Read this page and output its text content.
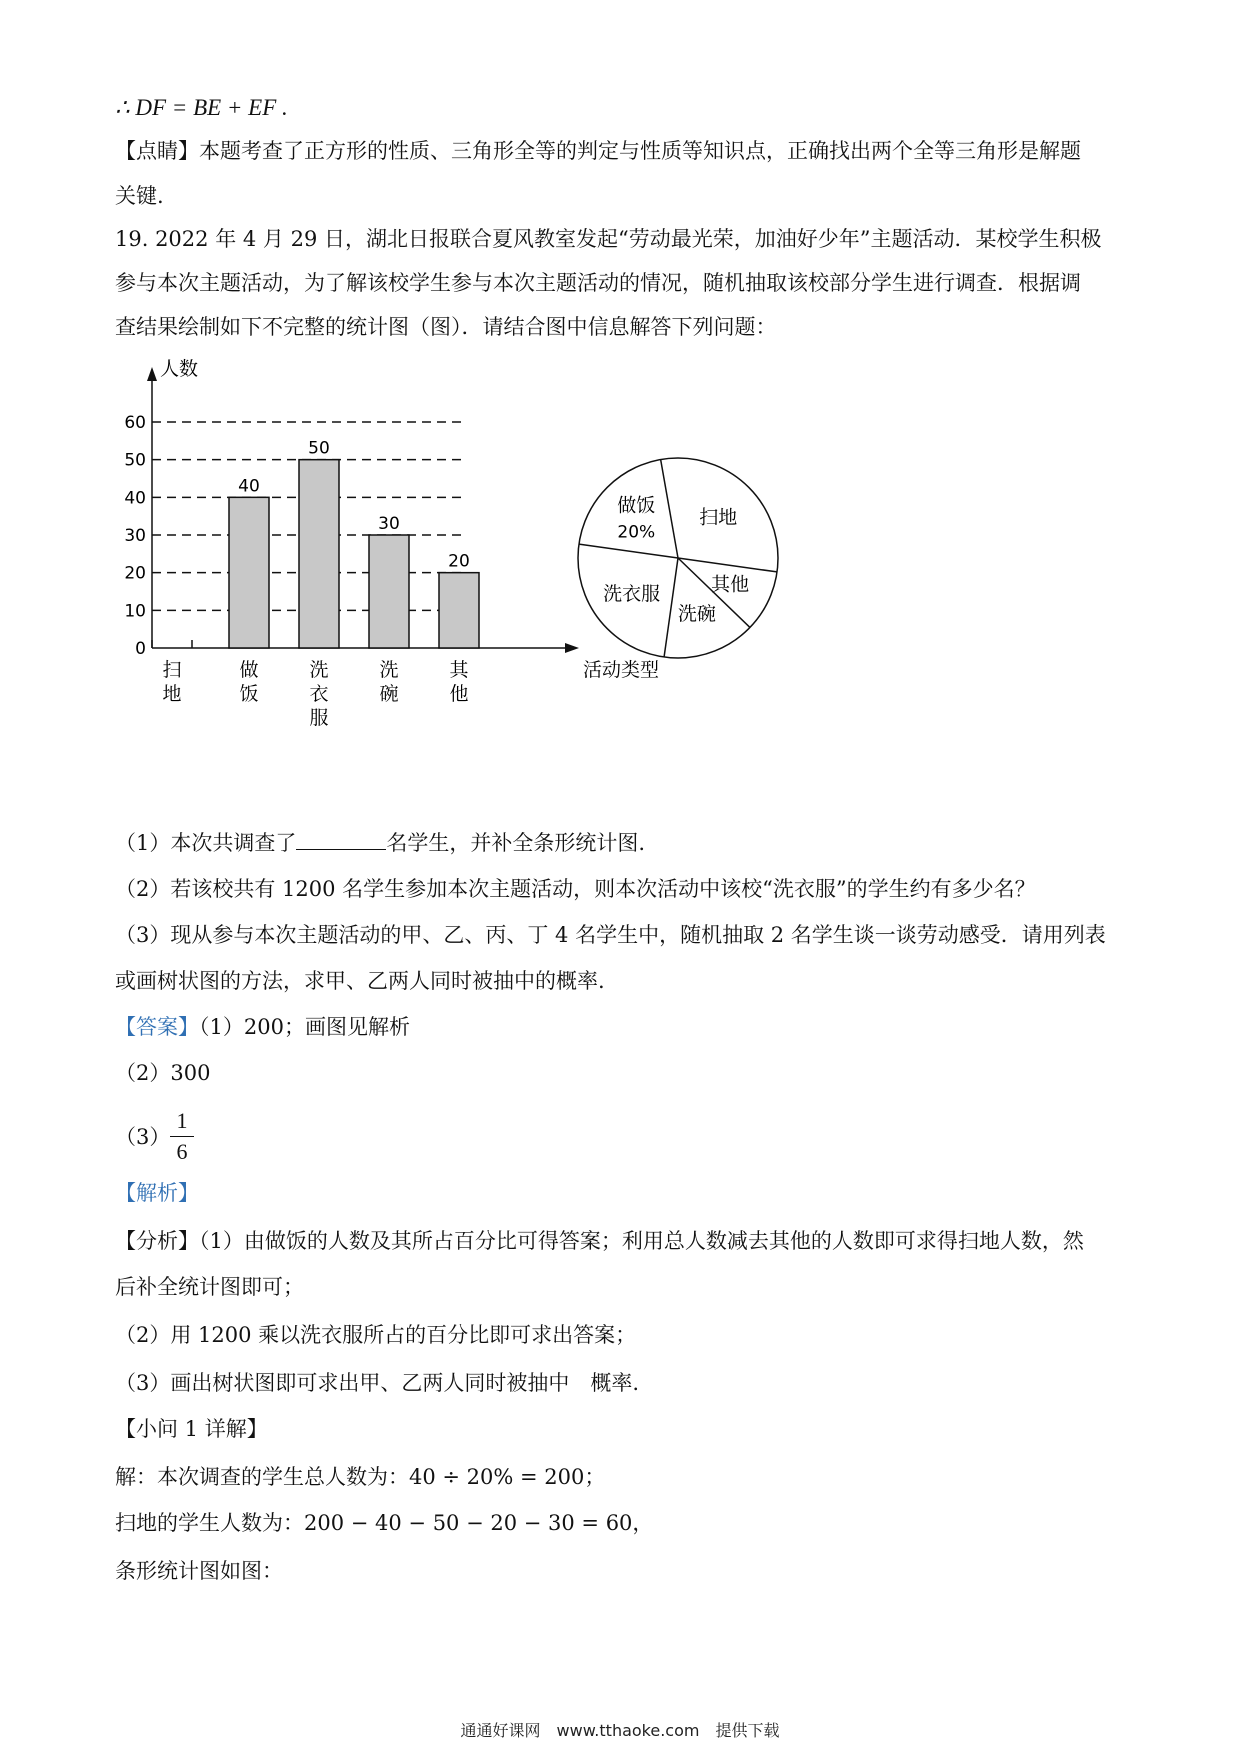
∴ DF = BE + EF .
【点睛】本题考查了正方形的性质、三角形全等的判定与性质等知识点，正确找出两个全等三角形是解题
关键.
19. 2022 年 4 月 29 日，湖北日报联合夏风教室发起“劳动最光荣，加油好少年”主题活动．某校学生积极
参与本次主题活动，为了解该校学生参与本次主题活动的情况，随机抽取该校部分学生进行调查．根据调
查结果绘制如下不完整的统计图（图）．请结合图中信息解答下列问题：
0
10
20
30
40
50
60
人数
活动类型
扫地
40
做饭
50
洗衣服
30
洗碗
20
其他
做饭
20%
扫地
其他
洗碗
洗衣服
（1）本次共调查了	名学生，并补全条形统计图.
（2）若该校共有 1200 名学生参加本次主题活动，则本次活动中该校“洗衣服”的学生约有多少名？
（3）现从参与本次主题活动的甲、乙、丙、丁 4 名学生中，随机抽取 2 名学生谈一谈劳动感受．请用列表
或画树状图的方法，求甲、乙两人同时被抽中的概率.
【答案】（1）200；画图见解析
（2）300
（3）
1
6
【解析】
【分析】（1）由做饭的人数及其所占百分比可得答案；利用总人数减去其他的人数即可求得扫地人数，然
后补全统计图即可；
（2）用 1200 乘以洗衣服所占的百分比即可求出答案；
（3）画出树状图即可求出甲、乙两人同时被抽中　概率.
【小问 1 详解】
解：本次调查的学生总人数为：40 ÷ 20% = 200；
扫地的学生人数为：200 − 40 − 50 − 20 − 30 = 60，
条形统计图如图：
通通好课网　www.tthaoke.com　提供下载
